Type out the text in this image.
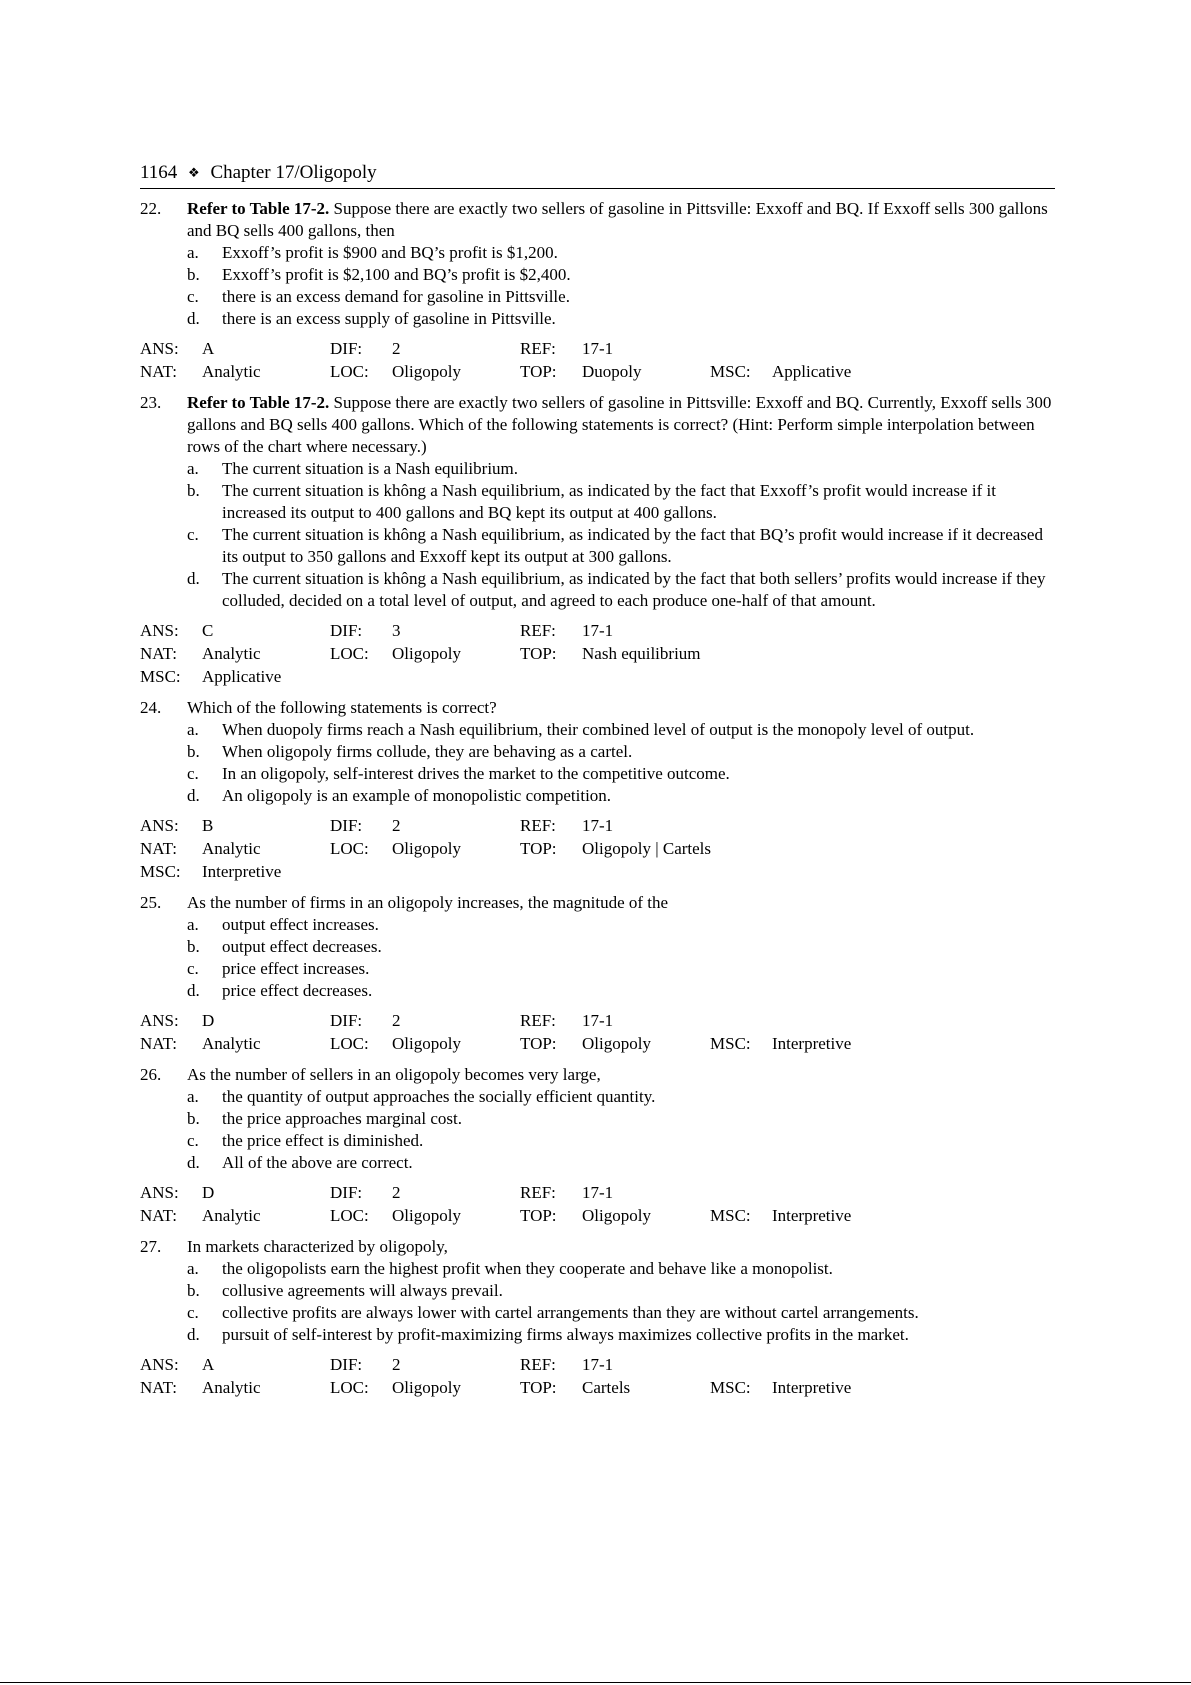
1164 ❖ Chapter 17/Oligopoly
22.	Refer to Table 17-2. Suppose there are exactly two sellers of gasoline in Pittsville: Exxoff and BQ. If Exxoff sells 300 gallons and BQ sells 400 gallons, then
a.	Exxoff’s profit is $900 and BQ’s profit is $1,200.
b.	Exxoff’s profit is $2,100 and BQ’s profit is $2,400.
c.	there is an excess demand for gasoline in Pittsville.
d.	there is an excess supply of gasoline in Pittsville.
ANS:	A	DIF:	2	REF:	17-1
NAT:	Analytic	LOC:	Oligopoly	TOP:	Duopoly	MSC:	Applicative
23.	Refer to Table 17-2. Suppose there are exactly two sellers of gasoline in Pittsville: Exxoff and BQ. Currently, Exxoff sells 300 gallons and BQ sells 400 gallons. Which of the following statements is correct? (Hint: Perform simple interpolation between rows of the chart where necessary.)
a.	The current situation is a Nash equilibrium.
b.	The current situation is không a Nash equilibrium, as indicated by the fact that Exxoff’s profit would increase if it increased its output to 400 gallons and BQ kept its output at 400 gallons.
c.	The current situation is không a Nash equilibrium, as indicated by the fact that BQ’s profit would increase if it decreased its output to 350 gallons and Exxoff kept its output at 300 gallons.
d.	The current situation is không a Nash equilibrium, as indicated by the fact that both sellers’ profits would increase if they colluded, decided on a total level of output, and agreed to each produce one-half of that amount.
ANS:	C	DIF:	3	REF:	17-1
NAT:	Analytic	LOC:	Oligopoly	TOP:	Nash equilibrium
MSC:	Applicative
24.	Which of the following statements is correct?
a.	When duopoly firms reach a Nash equilibrium, their combined level of output is the monopoly level of output.
b.	When oligopoly firms collude, they are behaving as a cartel.
c.	In an oligopoly, self-interest drives the market to the competitive outcome.
d.	An oligopoly is an example of monopolistic competition.
ANS:	B	DIF:	2	REF:	17-1
NAT:	Analytic	LOC:	Oligopoly	TOP:	Oligopoly | Cartels
MSC:	Interpretive
25.	As the number of firms in an oligopoly increases, the magnitude of the
a.	output effect increases.
b.	output effect decreases.
c.	price effect increases.
d.	price effect decreases.
ANS:	D	DIF:	2	REF:	17-1
NAT:	Analytic	LOC:	Oligopoly	TOP:	Oligopoly	MSC:	Interpretive
26.	As the number of sellers in an oligopoly becomes very large,
a.	the quantity of output approaches the socially efficient quantity.
b.	the price approaches marginal cost.
c.	the price effect is diminished.
d.	All of the above are correct.
ANS:	D	DIF:	2	REF:	17-1
NAT:	Analytic	LOC:	Oligopoly	TOP:	Oligopoly	MSC:	Interpretive
27.	In markets characterized by oligopoly,
a.	the oligopolists earn the highest profit when they cooperate and behave like a monopolist.
b.	collusive agreements will always prevail.
c.	collective profits are always lower with cartel arrangements than they are without cartel arrangements.
d.	pursuit of self-interest by profit-maximizing firms always maximizes collective profits in the market.
ANS:	A	DIF:	2	REF:	17-1
NAT:	Analytic	LOC:	Oligopoly	TOP:	Cartels	MSC:	Interpretive
